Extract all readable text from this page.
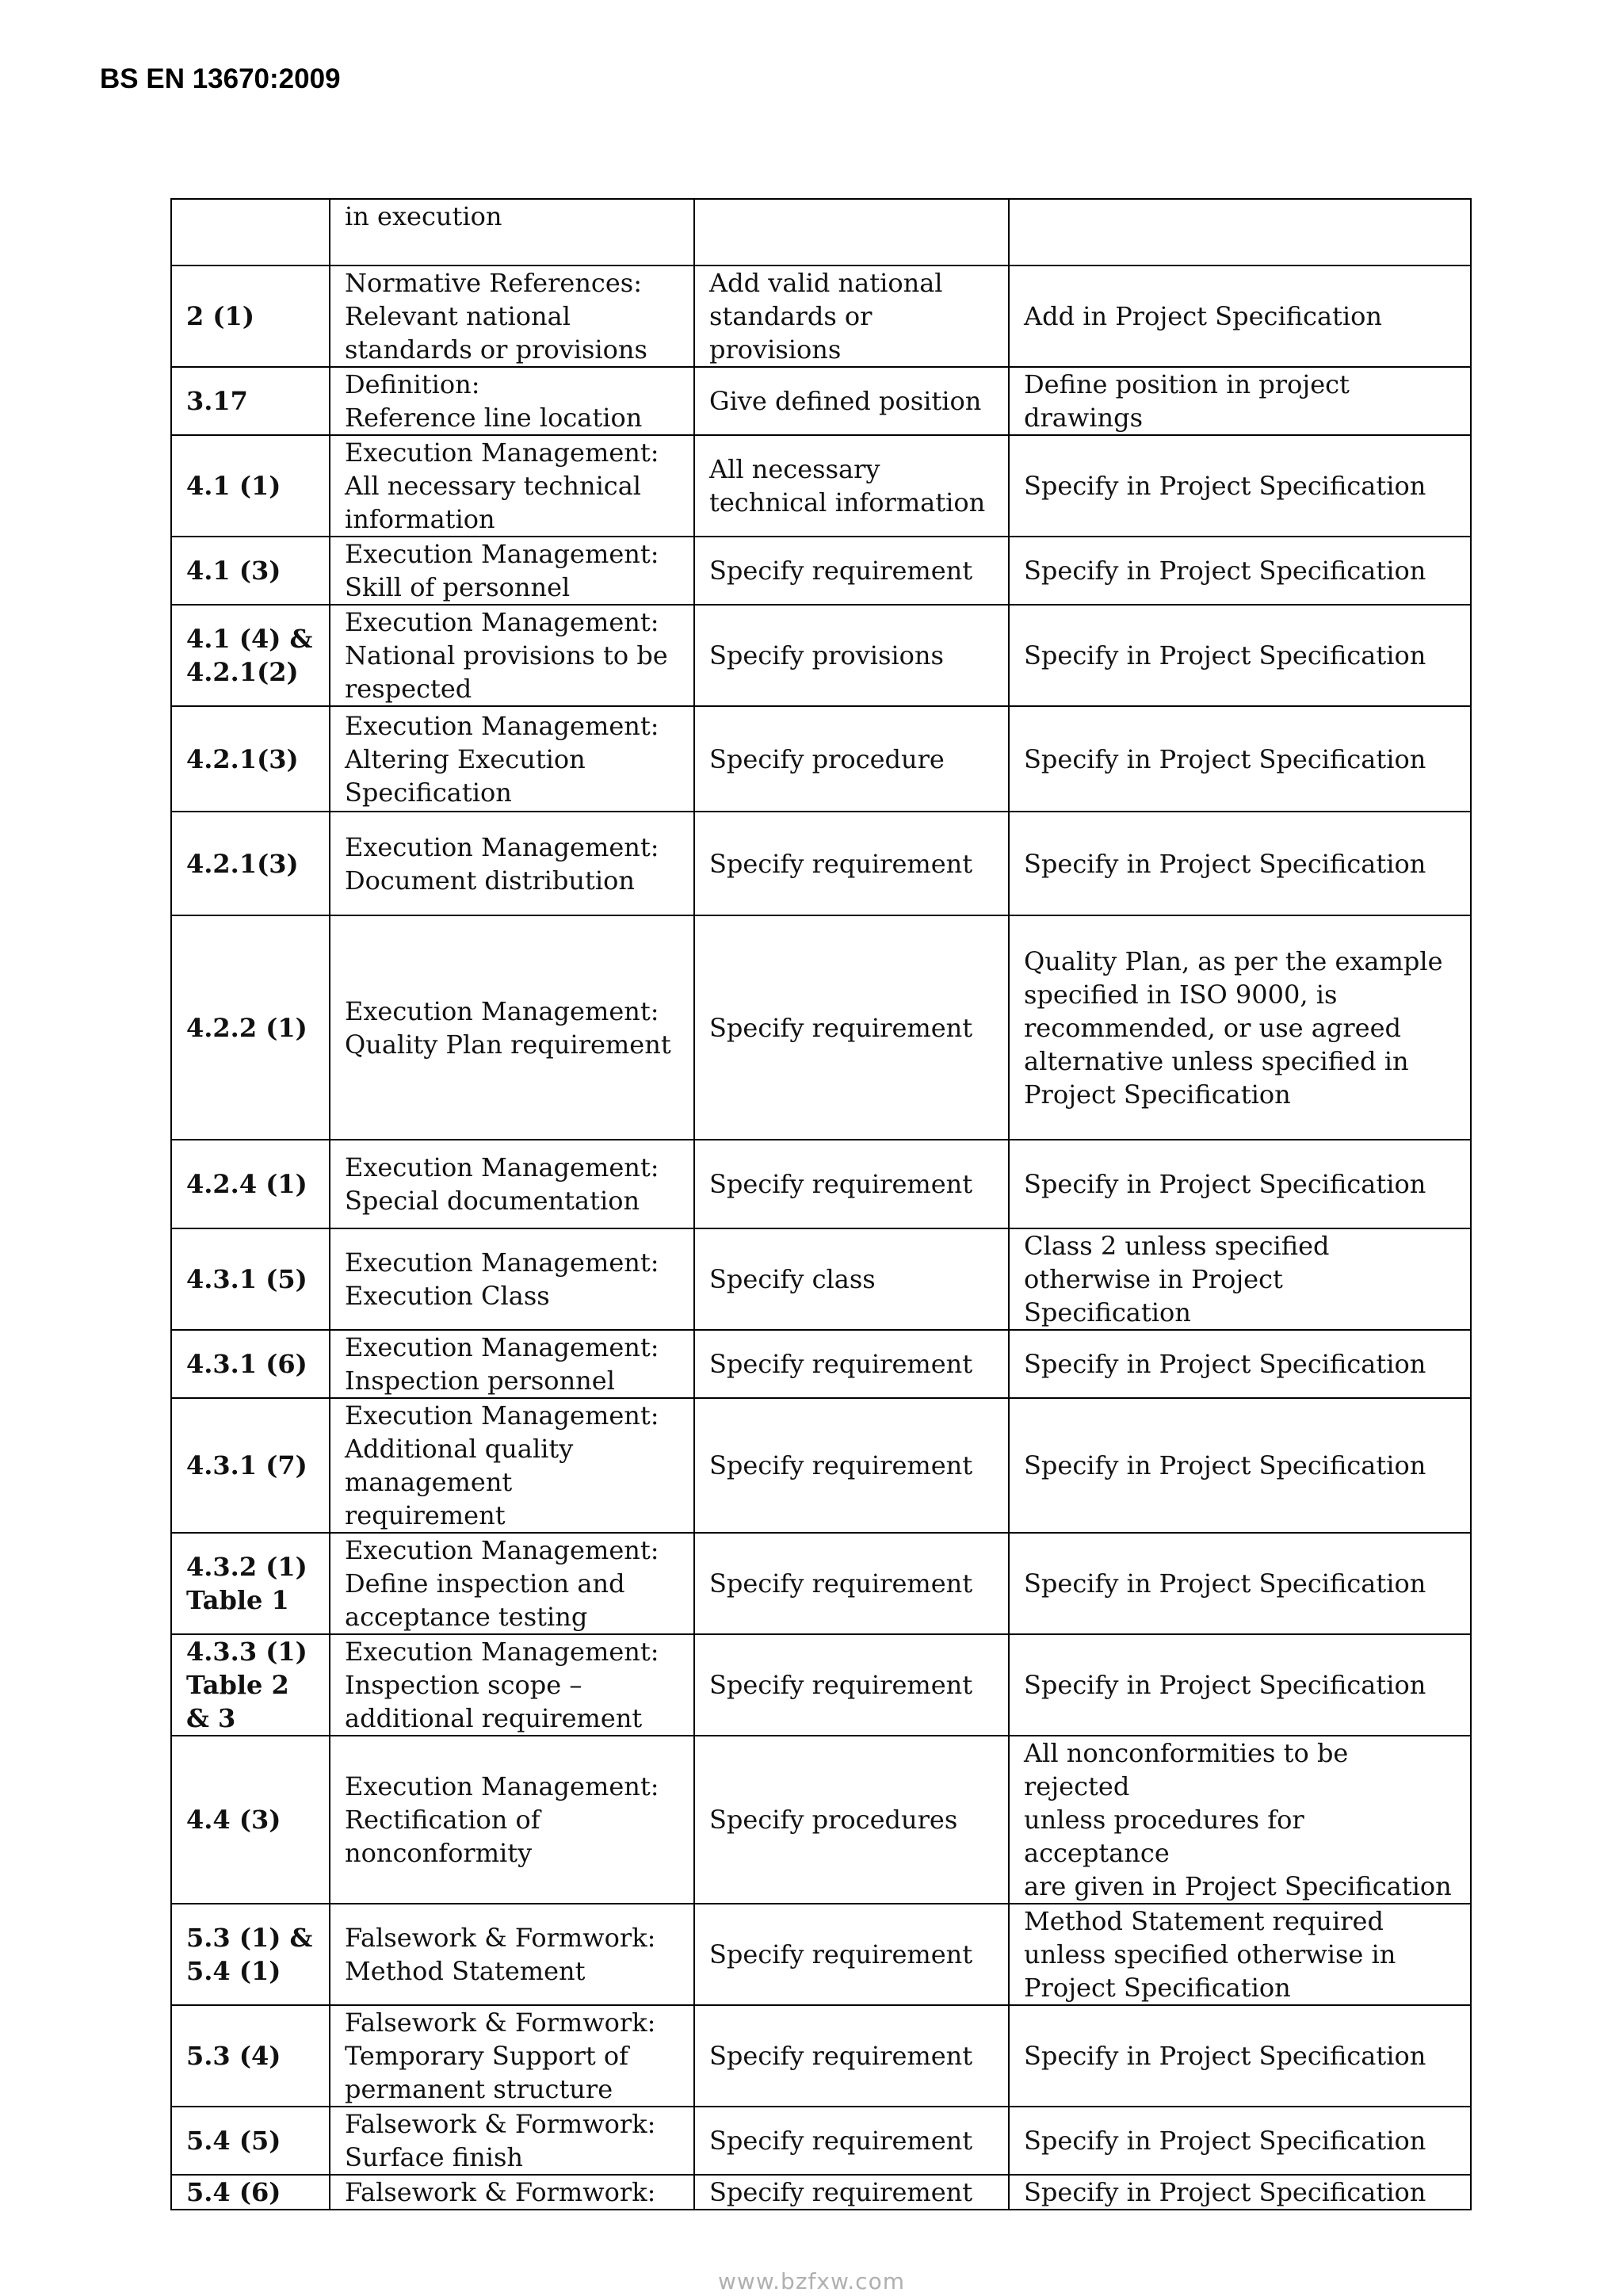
BS EN 13670:2009
	in execution		
2 (1)	Normative References:
Relevant national
standards or provisions	Add valid national
standards or
provisions	Add in Project Specification
3.17	Definition:
Reference line location	Give defined position	Define position in project
drawings
4.1 (1)	Execution Management:
All necessary technical
information	All necessary
technical information	Specify in Project Specification
4.1 (3)	Execution Management:
Skill of personnel	Specify requirement	Specify in Project Specification
4.1 (4) &
4.2.1(2)	Execution Management:
National provisions to be
respected	Specify provisions	Specify in Project Specification
4.2.1(3)	Execution Management:
Altering Execution
Specification	Specify procedure	Specify in Project Specification
4.2.1(3)	Execution Management:
Document distribution	Specify requirement	Specify in Project Specification
4.2.2 (1)	Execution Management:
Quality Plan requirement	Specify requirement	Quality Plan, as per the example
specified in ISO 9000, is
recommended, or use agreed
alternative unless specified in
Project Specification
4.2.4 (1)	Execution Management:
Special documentation	Specify requirement	Specify in Project Specification
4.3.1 (5)	Execution Management:
Execution Class	Specify class	Class 2 unless specified
otherwise in Project Specification
4.3.1 (6)	Execution Management:
Inspection personnel	Specify requirement	Specify in Project Specification
4.3.1 (7)	Execution Management:
Additional quality
management requirement	Specify requirement	Specify in Project Specification
4.3.2 (1)
Table 1	Execution Management:
Define inspection and
acceptance testing	Specify requirement	Specify in Project Specification
4.3.3 (1)
Table 2
& 3	Execution Management:
Inspection scope –
additional requirement	Specify requirement	Specify in Project Specification
4.4 (3)	Execution Management:
Rectification of
nonconformity	Specify procedures	All nonconformities to be rejected
unless procedures for acceptance
are given in Project Specification
5.3 (1) &
5.4 (1)	Falsework & Formwork:
Method Statement	Specify requirement	Method Statement required
unless specified otherwise in
Project Specification
5.3 (4)	Falsework & Formwork:
Temporary Support of
permanent structure	Specify requirement	Specify in Project Specification
5.4 (5)	Falsework & Formwork:
Surface finish	Specify requirement	Specify in Project Specification
5.4 (6)	Falsework & Formwork:	Specify requirement	Specify in Project Specification
www.bzfxw.com
